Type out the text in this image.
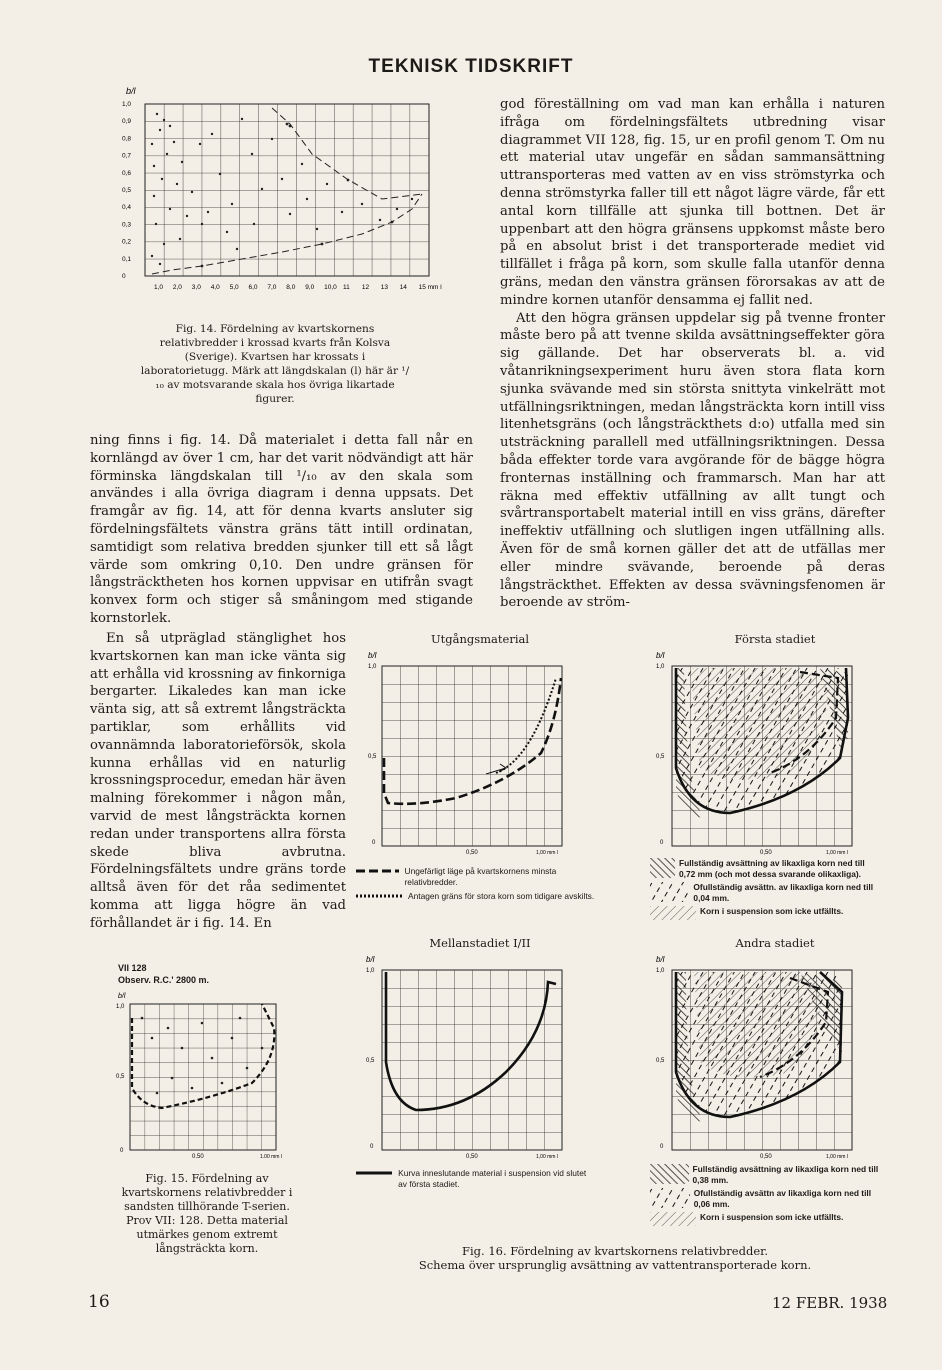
TEKNISK TIDSKRIFT
b/l
1,0
0,9
0,8
0,7
0,6
0,5
0,4
0,3
0,2
0,1
0
1,0 2,0 3,0 4,0 5,0 6,0 7,0 8,0 9,0 10,0 11 12 13 14 15 mm l
Fig. 14. Fördelning av kvartskornens relativbredder i krossad kvarts från Kolsva (Sverige). Kvartsen har krossats i laboratorietugg. Märk att längdskalan (l) här är ¹/₁₀ av motsvarande skala hos övriga likartade figurer.

ning finns i fig. 14. Då materialet i detta fall når en kornlängd av över 1 cm, har det varit nödvändigt att här förminska längdskalan till ¹/₁₀ av den skala som användes i alla övriga diagram i denna uppsats. Det framgår av fig. 14, att för denna kvarts ansluter sig fördelningsfältets vänstra gräns tätt intill ordinatan, samtidigt som relativa bredden sjunker till ett så lågt värde som omkring 0,10. Den undre gränsen för långsträcktheten hos kornen uppvisar en utifrån svagt konvex form och stiger så småningom med stigande kornstorlek.

En så utpräglad stänglighet hos kvartskornen kan man icke vänta sig att erhålla vid krossning av finkorniga bergarter. Likaledes kan man icke vänta sig, att så extremt långsträckta partiklar, som erhållits vid ovannämnda laboratorieförsök, skola kunna erhållas vid en naturlig krossningsprocedur, emedan här även malning förekommer i någon mån, varvid de mest långsträckta kornen redan under transportens allra första skede bliva avbrutna. Fördelningsfältets undre gräns torde alltså även för det råa sedimentet komma att ligga högre än vad förhållandet är i fig. 14. En

god föreställning om vad man kan erhålla i naturen ifråga om fördelningsfältets utbredning visar diagrammet VII 128, fig. 15, ur en profil genom T. Om nu ett material utav ungefär en sådan sammansättning uttransporteras med vatten av en viss strömstyrka och denna strömstyrka faller till ett något lägre värde, får ett antal korn tillfälle att sjunka till bottnen. Det är uppenbart att den högra gränsens uppkomst måste bero på en absolut brist i det transporterade mediet vid tillfället i fråga på korn, som skulle falla utanför denna gräns, medan den vänstra gränsen förorsakas av att de mindre kornen utanför densamma ej fallit ned.

Att den högra gränsen uppdelar sig på tvenne fronter måste bero på att tvenne skilda avsättningseffekter göra sig gällande. Det har observerats bl. a. vid våtanrikningsexperiment huru även stora flata korn sjunka svävande med sin största snittyta vinkelrätt mot utfällningsriktningen, medan långsträckta korn intill viss litenhetsgräns (och långsträckthets d:o) utfalla med sin utsträckning parallell med utfällningsriktningen. Dessa båda effekter torde vara avgörande för de bägge högra fronternas inställning och frammarsch. Man har att räkna med effektiv utfällning av allt tungt och svårtransportabelt material intill en viss gräns, därefter ineffektiv utfällning och slutligen ingen utfällning alls. Även för de små kornen gäller det att de utfällas mer eller mindre svävande, beroende på deras långsträckthet. Effekten av dessa svävningsfenomen är beroende av ström-

VII 128
Observ. R.C.' 2800 m.
b/l
1,0
0,5
0
0,50	1,00 mm l
Fig. 15. Fördelning av kvartskornens relativbredder i sandsten tillhörande T-serien. Prov VII: 128. Detta material utmärkes genom extremt långsträckta korn.
Utgångsmaterial
b/l
1,0
0,5
0
0,50	1,00 mm l
Ungefärligt läge på kvartskornens minsta relativbredder.
Antagen gräns för stora korn som tidigare avskilts.
Första stadiet
b/l
1,0
0,5
0
0,50	1,00 mm l
Fullständig avsättning av likaxliga korn ned till 0,72 mm (och mot dessa svarande olikaxliga).
Ofullständig avsättn. av likaxliga korn ned till 0,04 mm.
Korn i suspension som icke utfällts.
Mellanstadiet I/II
b/l
1,0
0,5
0
0,50	1,00 mm l
Kurva inneslutande material i suspension vid slutet av första stadiet.
Andra stadiet
b/l
1,0
0,5
0
0,50	1,00 mm l
Fullständig avsättning av likaxliga korn ned till 0,38 mm.
Ofullständig avsättn av likaxliga korn ned till 0,06 mm.
Korn i suspension som icke utfällts.
Fig. 16. Fördelning av kvartskornens relativbredder.
Schema över ursprunglig avsättning av vattentransporterade korn.
16	12 FEBR. 1938
